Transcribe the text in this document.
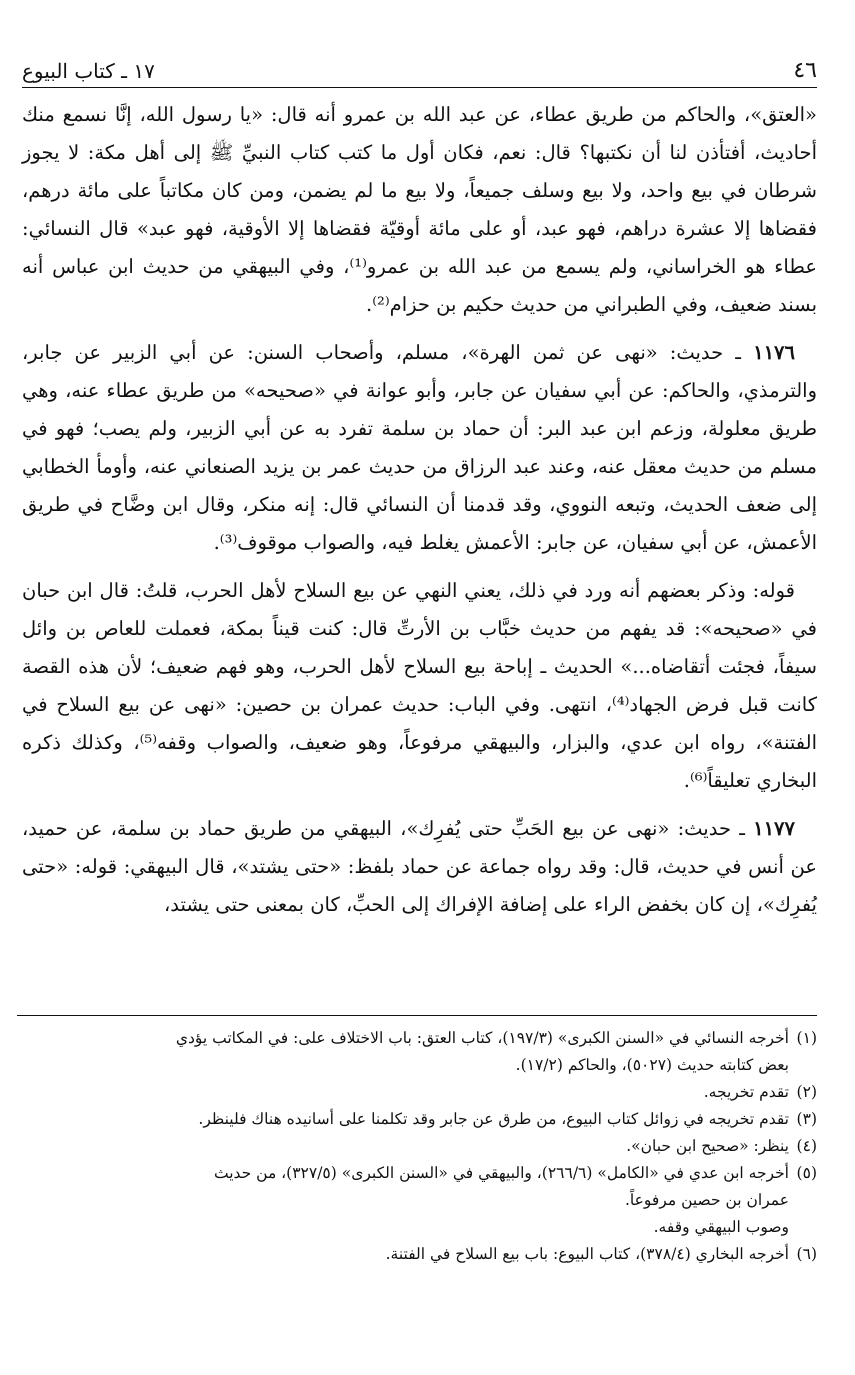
٤٦
١٧ ـ كتاب البيوع

«العتق»، والحاكم من طريق عطاء، عن عبد الله بن عمرو أنه قال: «يا رسول الله، إنَّا نسمع منك أحاديث، أفتأذن لنا أن نكتبها؟ قال: نعم، فكان أول ما كتب كتاب النبيِّ ﷺ إلى أهل مكة: لا يجوز شرطان في بيع واحد، ولا بيع وسلف جميعاً، ولا بيع ما لم يضمن، ومن كان مكاتباً على مائة درهم، فقضاها إلا عشرة دراهم، فهو عبد، أو على مائة أوقيّة فقضاها إلا الأوقية، فهو عبد» قال النسائي: عطاء هو الخراساني، ولم يسمع من عبد الله بن عمرو⁽¹⁾، وفي البيهقي من حديث ابن عباس أنه بسند ضعيف، وفي الطبراني من حديث حكيم بن حزام⁽²⁾.

١١٧٦ ـ حديث: «نهى عن ثمن الهرة»، مسلم، وأصحاب السنن: عن أبي الزبير عن جابر، والترمذي، والحاكم: عن أبي سفيان عن جابر، وأبو عوانة في «صحيحه» من طريق عطاء عنه، وهي طريق معلولة، وزعم ابن عبد البر: أن حماد بن سلمة تفرد به عن أبي الزبير، ولم يصب؛ فهو في مسلم من حديث معقل عنه، وعند عبد الرزاق من حديث عمر بن يزيد الصنعاني عنه، وأومأ الخطابي إلى ضعف الحديث، وتبعه النووي، وقد قدمنا أن النسائي قال: إنه منكر، وقال ابن وضَّاح في طريق الأعمش، عن أبي سفيان، عن جابر: الأعمش يغلط فيه، والصواب موقوف⁽³⁾.

قوله: وذكر بعضهم أنه ورد في ذلك، يعني النهي عن بيع السلاح لأهل الحرب، قلتُ: قال ابن حبان في «صحيحه»: قد يفهم من حديث خبَّاب بن الأرتِّ قال: كنت قيناً بمكة، فعملت للعاص بن وائل سيفاً، فجئت أتقاضاه...» الحديث ـ إباحة بيع السلاح لأهل الحرب، وهو فهم ضعيف؛ لأن هذه القصة كانت قبل فرض الجهاد⁽⁴⁾، انتهى. وفي الباب: حديث عمران بن حصين: «نهى عن بيع السلاح في الفتنة»، رواه ابن عدي، والبزار، والبيهقي مرفوعاً، وهو ضعيف، والصواب وقفه⁽⁵⁾، وكذلك ذكره البخاري تعليقاً⁽⁶⁾.

١١٧٧ ـ حديث: «نهى عن بيع الحَبِّ حتى يُفرِك»، البيهقي من طريق حماد بن سلمة، عن حميد، عن أنس في حديث، قال: وقد رواه جماعة عن حماد بلفظ: «حتى يشتد»، قال البيهقي: قوله: «حتى يُفرِك»، إن كان بخفض الراء على إضافة الإفراك إلى الحبِّ، كان بمعنى حتى يشتد،

(١)
أخرجه النسائي في «السنن الكبرى» (١٩٧/٣)، كتاب العتق: باب الاختلاف على: في المكاتب يؤدي

بعض كتابته حديث (٥٠٢٧)، والحاكم (١٧/٢).

(٢)
تقدم تخريجه.
(٣)
تقدم تخريجه في زوائل كتاب البيوع، من طرق عن جابر وقد تكلمنا على أسانيده هناك فلينظر.
(٤)
ينظر: «صحيح ابن حبان».
(٥)
أخرجه ابن عدي في «الكامل» (٢٦٦/٦)، والبيهقي في «السنن الكبرى» (٣٢٧/٥)، من حديث

عمران بن حصين مرفوعاً.

وصوب البيهقي وقفه.

(٦)
أخرجه البخاري (٣٧٨/٤)، كتاب البيوع: باب بيع السلاح في الفتنة.
